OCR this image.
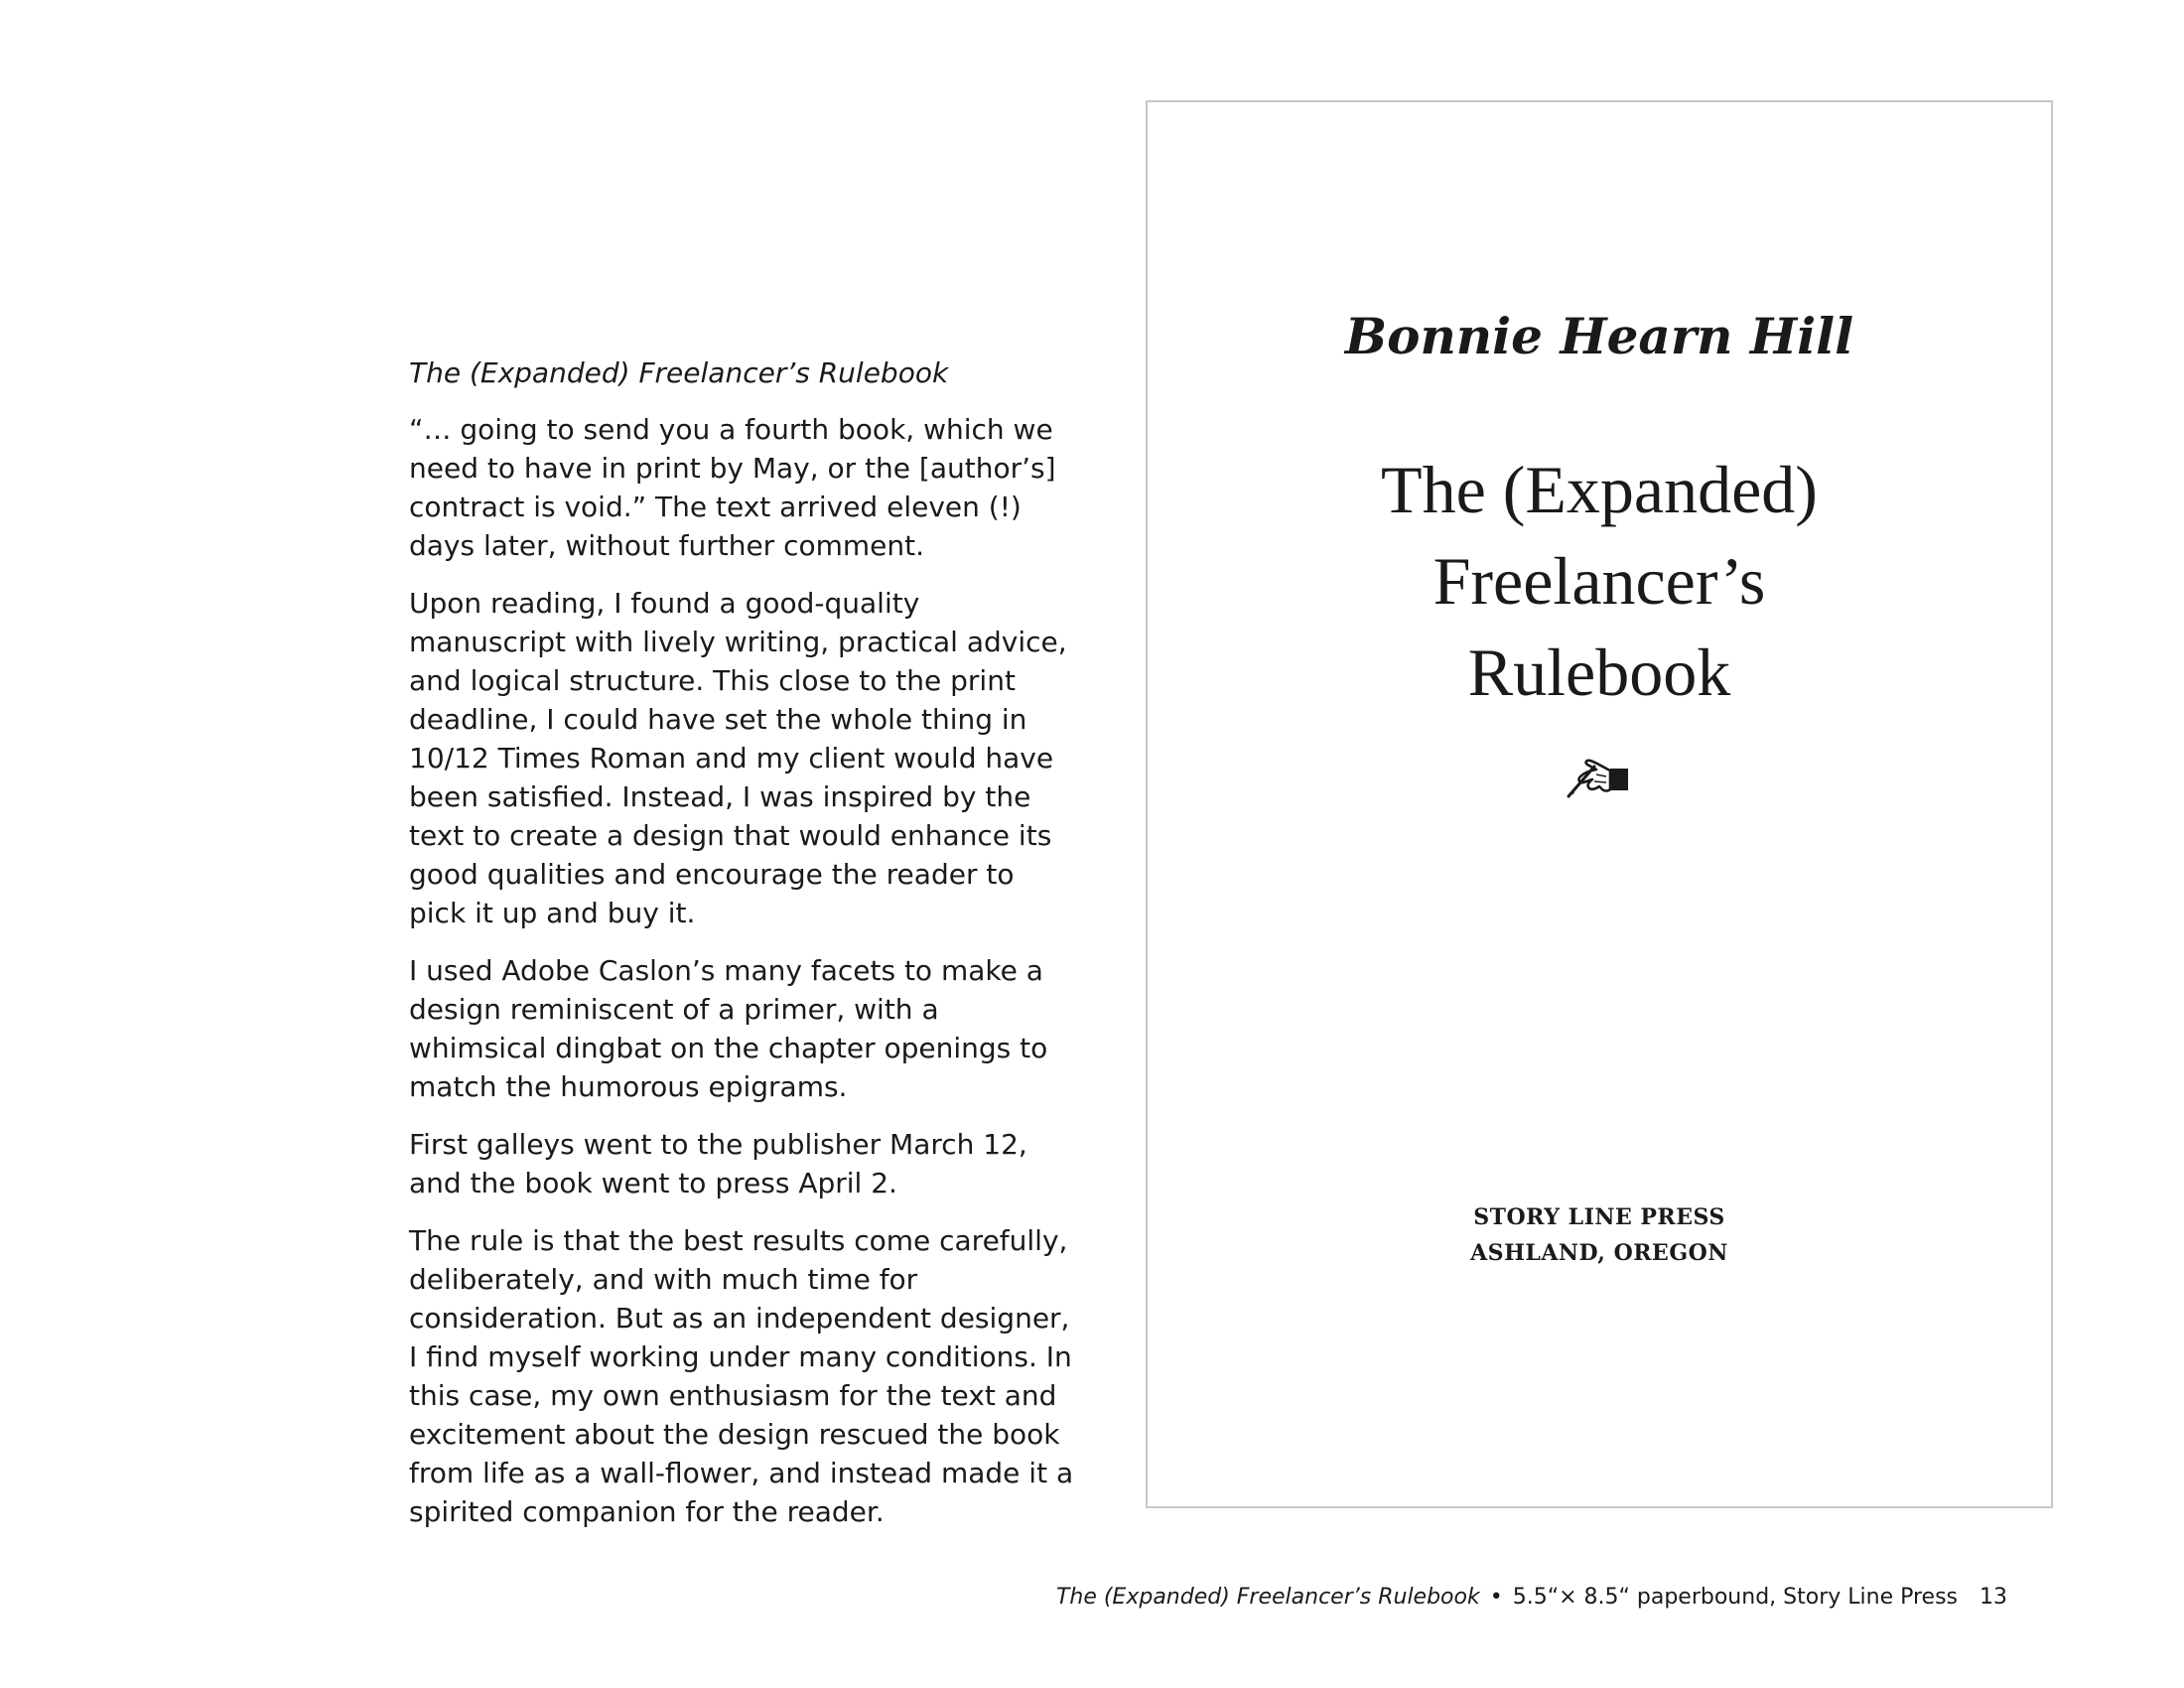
The (Expanded) Freelancer’s Rulebook

“… going to send you a fourth book, which we need to have in print by May, or the [author’s] contract is void.” The text arrived eleven (!) days later, without further comment.

Upon reading, I found a good-quality manuscript with lively writing, practical advice, and logical structure. This close to the print deadline, I could have set the whole thing in 10/12 Times Roman and my client would have been satisfied. Instead, I was inspired by the text to create a design that would enhance its good qualities and encourage the reader to pick it up and buy it.

I used Adobe Caslon’s many facets to make a design reminiscent of a primer, with a whimsical dingbat on the chapter openings to match the humorous epigrams.

First galleys went to the publisher March 12, and the book went to press April 2.

The rule is that the best results come carefully, deliberately, and with much time for consideration. But as an independent designer, I find myself working under many conditions. In this case, my own enthusiasm for the text and excitement about the design rescued the book from life as a wall-flower, and instead made it a spirited companion for the reader.

Bonnie Hearn Hill
The (Expanded)
Freelancer’s
Rulebook
STORY LINE PRESS
ASHLAND, OREGON
The (Expanded) Freelancer’s Rulebook • 5.5“× 8.5“ paperbound, Story Line Press 13
